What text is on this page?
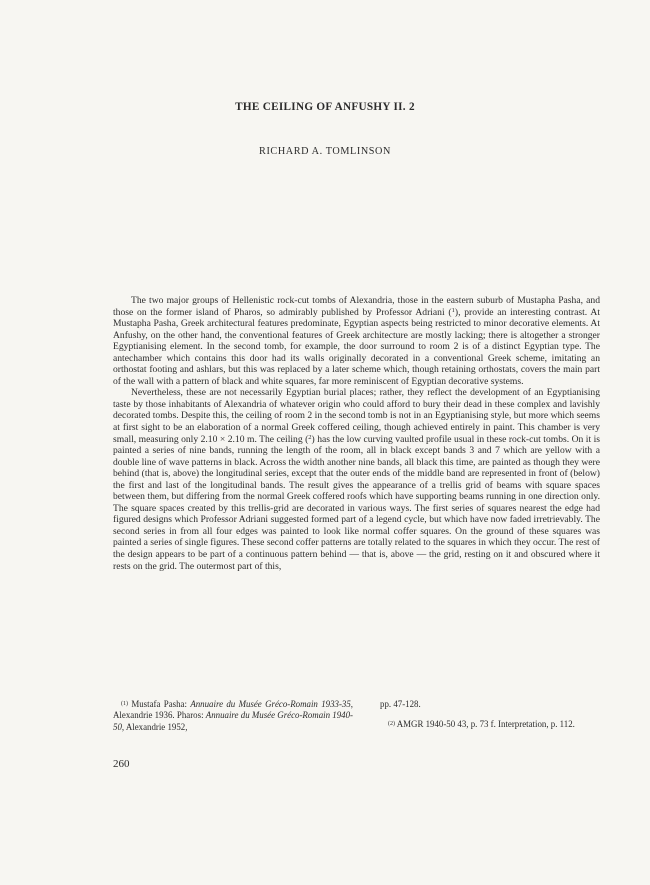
THE CEILING OF ANFUSHY II. 2
RICHARD A. TOMLINSON

The two major groups of Hellenistic rock-cut tombs of Alexandria, those in the eastern suburb of Mustapha Pasha, and those on the former island of Pharos, so admirably published by Professor Adriani ($^1$), provide an interesting contrast. At Mustapha Pasha, Greek architectural features predominate, Egyptian aspects being restricted to minor decorative elements. At Anfushy, on the other hand, the conventional features of Greek architecture are mostly lacking; there is altogether a stronger Egyptianising element. In the second tomb, for example, the door surround to room 2 is of a distinct Egyptian type. The antechamber which contains this door had its walls originally decorated in a conventional Greek scheme, imitating an orthostat footing and ashlars, but this was replaced by a later scheme which, though retaining orthostats, covers the main part of the wall with a pattern of black and white squares, far more reminiscent of Egyptian decorative systems.

Nevertheless, these are not necessarily Egyptian burial places; rather, they reflect the development of an Egyptianising taste by those inhabitants of Alexandria of whatever origin who could afford to bury their dead in these complex and lavishly decorated tombs. Despite this, the ceiling of room 2 in the second tomb is not in an Egyptianising style, but more which seems at first sight to be an elaboration of a normal Greek coffered ceiling, though achieved entirely in paint. This chamber is very small, measuring only 2.10 × 2.10 m. The ceiling ($^2$) has the low curving vaulted profile usual in these rock-cut tombs. On it is painted a series of nine bands, running the length of the room, all in black except bands 3 and 7 which are yellow with a double line of wave patterns in black. Across the width another nine bands, all black this time, are painted as though they were behind (that is, above) the longitudinal series, except that the outer ends of the middle band are represented in front of (below) the first and last of the longitudinal bands. The result gives the appearance of a trellis grid of beams with square spaces between them, but differing from the normal Greek coffered roofs which have supporting beams running in one direction only. The square spaces created by this trellis-grid are decorated in various ways. The first series of squares nearest the edge had figured designs which Professor Adriani suggested formed part of a legend cycle, but which have now faded irretrievably. The second series in from all four edges was painted to look like normal coffer squares. On the ground of these squares was painted a series of single figures. These second coffer patterns are totally related to the squares in which they occur. The rest of the design appears to be part of a continuous pattern behind — that is, above — the grid, resting on it and obscured where it rests on the grid. The outermost part of this,

$^{(1)}$ Mustafa Pasha: Annuaire du Musée Gréco-Romain 1933-35, Alexandrie 1936. Pharos: Annuaire du Musée Gréco-Romain 1940-50, Alexandrie 1952,
pp. 47-128.
$^{(2)}$ AMGR 1940-50 43, p. 73 f. Interpretation, p. 112.
260
